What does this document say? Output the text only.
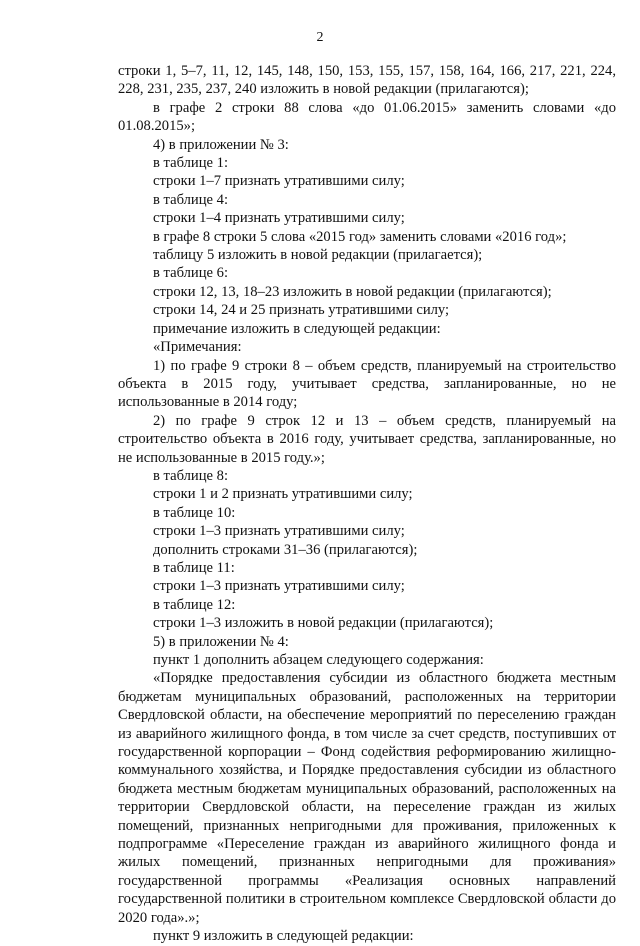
2

строки 1, 5–7, 11, 12, 145, 148, 150, 153, 155, 157, 158, 164, 166, 217, 221, 224, 228, 231, 235, 237, 240 изложить в новой редакции (прилагаются);

в графе 2 строки 88 слова «до 01.06.2015» заменить словами «до 01.08.2015»;

4) в приложении № 3:

в таблице 1:

строки 1–7 признать утратившими силу;

в таблице 4:

строки 1–4 признать утратившими силу;

в графе 8 строки 5 слова «2015 год» заменить словами «2016 год»;

таблицу 5 изложить в новой редакции (прилагается);

в таблице 6:

строки 12, 13, 18–23 изложить в новой редакции (прилагаются);

строки 14, 24 и 25 признать утратившими силу;

примечание изложить в следующей редакции:

«Примечания:

1) по графе 9 строки 8 – объем средств, планируемый на строительство объекта в 2015 году, учитывает средства, запланированные, но не использованные в 2014 году;

2) по графе 9 строк 12 и 13 – объем средств, планируемый на строительство объекта в 2016 году, учитывает средства, запланированные, но не использованные в 2015 году.»;

в таблице 8:

строки 1 и 2 признать утратившими силу;

в таблице 10:

строки 1–3 признать утратившими силу;

дополнить строками 31–36 (прилагаются);

в таблице 11:

строки 1–3 признать утратившими силу;

в таблице 12:

строки 1–3 изложить в новой редакции (прилагаются);

5) в приложении № 4:

пункт 1 дополнить абзацем следующего содержания:

«Порядке предоставления субсидии из областного бюджета местным бюджетам муниципальных образований, расположенных на территории Свердловской области, на обеспечение мероприятий по переселению граждан из аварийного жилищного фонда, в том числе за счет средств, поступивших от государственной корпорации – Фонд содействия реформированию жилищно-коммунального хозяйства, и Порядке предоставления субсидии из областного бюджета местным бюджетам муниципальных образований, расположенных на территории Свердловской области, на переселение граждан из жилых помещений, признанных непригодными для проживания, приложенных к подпрограмме «Переселение граждан из аварийного жилищного фонда и жилых помещений, признанных непригодными для проживания» государственной программы «Реализация основных направлений государственной политики в строительном комплексе Свердловской области до 2020 года».»;

пункт 9 изложить в следующей редакции:
